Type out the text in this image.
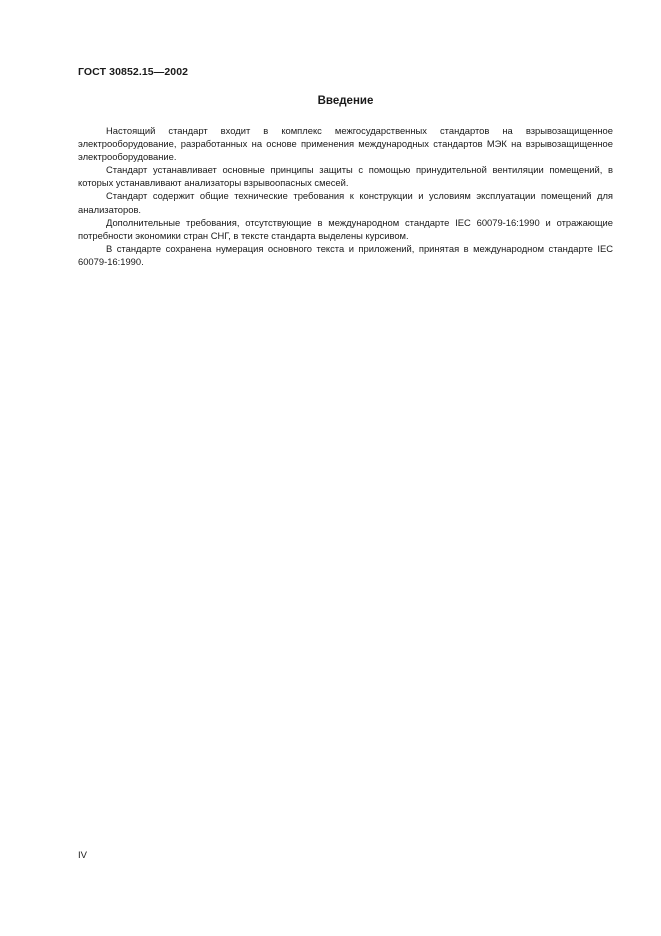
ГОСТ 30852.15—2002
Введение

Настоящий стандарт входит в комплекс межгосударственных стандартов на взрывозащищенное электрооборудование, разработанных на основе применения международных стандартов МЭК на взрывозащищенное электрооборудование.

Стандарт устанавливает основные принципы защиты с помощью принудительной вентиляции помещений, в которых устанавливают анализаторы взрывоопасных смесей.

Стандарт содержит общие технические требования к конструкции и условиям эксплуатации помещений для анализаторов.

Дополнительные требования, отсутствующие в международном стандарте IEC 60079-16:1990 и отражающие потребности экономики стран СНГ, в тексте стандарта выделены курсивом.

В стандарте сохранена нумерация основного текста и приложений, принятая в международном стандарте IEC 60079-16:1990.

IV
